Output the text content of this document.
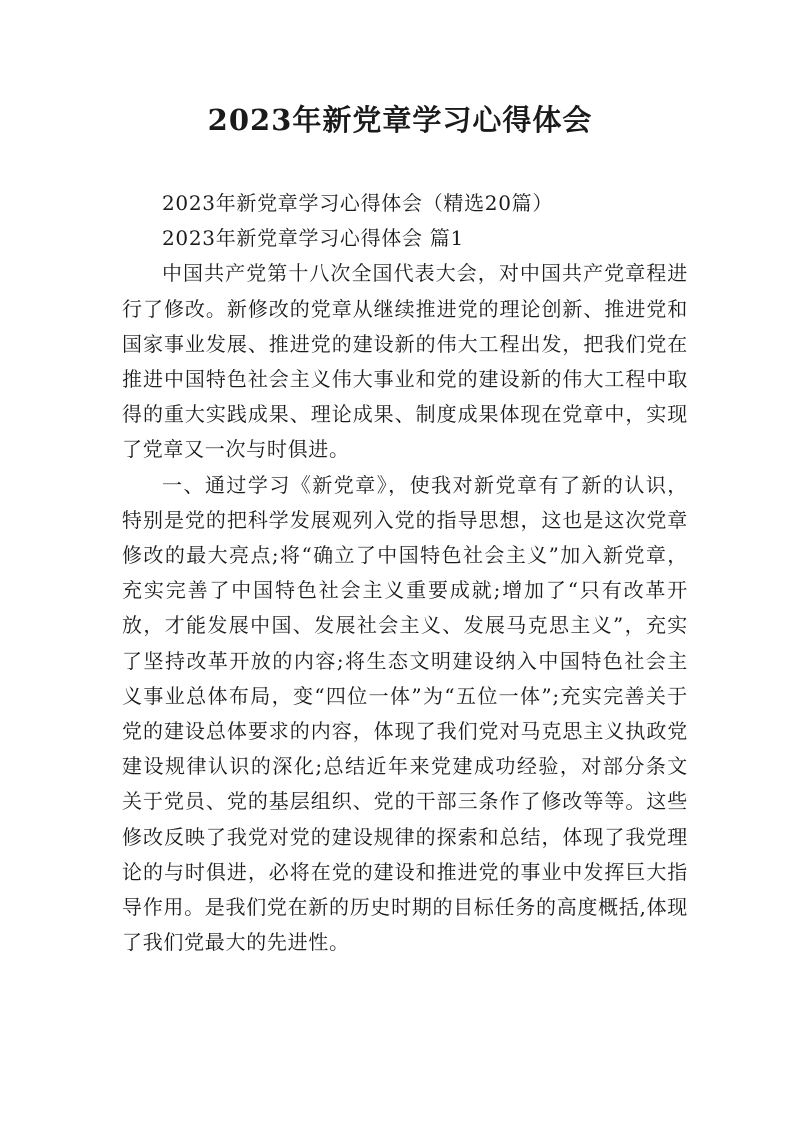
2023年新党章学习心得体会

2023年新党章学习心得体会（精选20篇）

2023年新党章学习心得体会 篇1

中国共产党第十八次全国代表大会，对中国共产党章程进行了修改。新修改的党章从继续推进党的理论创新、推进党和国家事业发展、推进党的建设新的伟大工程出发，把我们党在推进中国特色社会主义伟大事业和党的建设新的伟大工程中取得的重大实践成果、理论成果、制度成果体现在党章中，实现了党章又一次与时俱进。

一、通过学习《新党章》，使我对新党章有了新的认识，特别是党的把科学发展观列入党的指导思想，这也是这次党章修改的最大亮点;将“确立了中国特色社会主义”加入新党章，充实完善了中国特色社会主义重要成就;增加了“只有改革开放，才能发展中国、发展社会主义、发展马克思主义”，充实了坚持改革开放的内容;将生态文明建设纳入中国特色社会主义事业总体布局，变“四位一体”为“五位一体”;充实完善关于党的建设总体要求的内容，体现了我们党对马克思主义执政党建设规律认识的深化;总结近年来党建成功经验，对部分条文关于党员、党的基层组织、党的干部三条作了修改等等。这些修改反映了我党对党的建设规律的探索和总结，体现了我党理论的与时俱进，必将在党的建设和推进党的事业中发挥巨大指导作用。是我们党在新的历史时期的目标任务的高度概括,体现了我们党最大的先进性。
